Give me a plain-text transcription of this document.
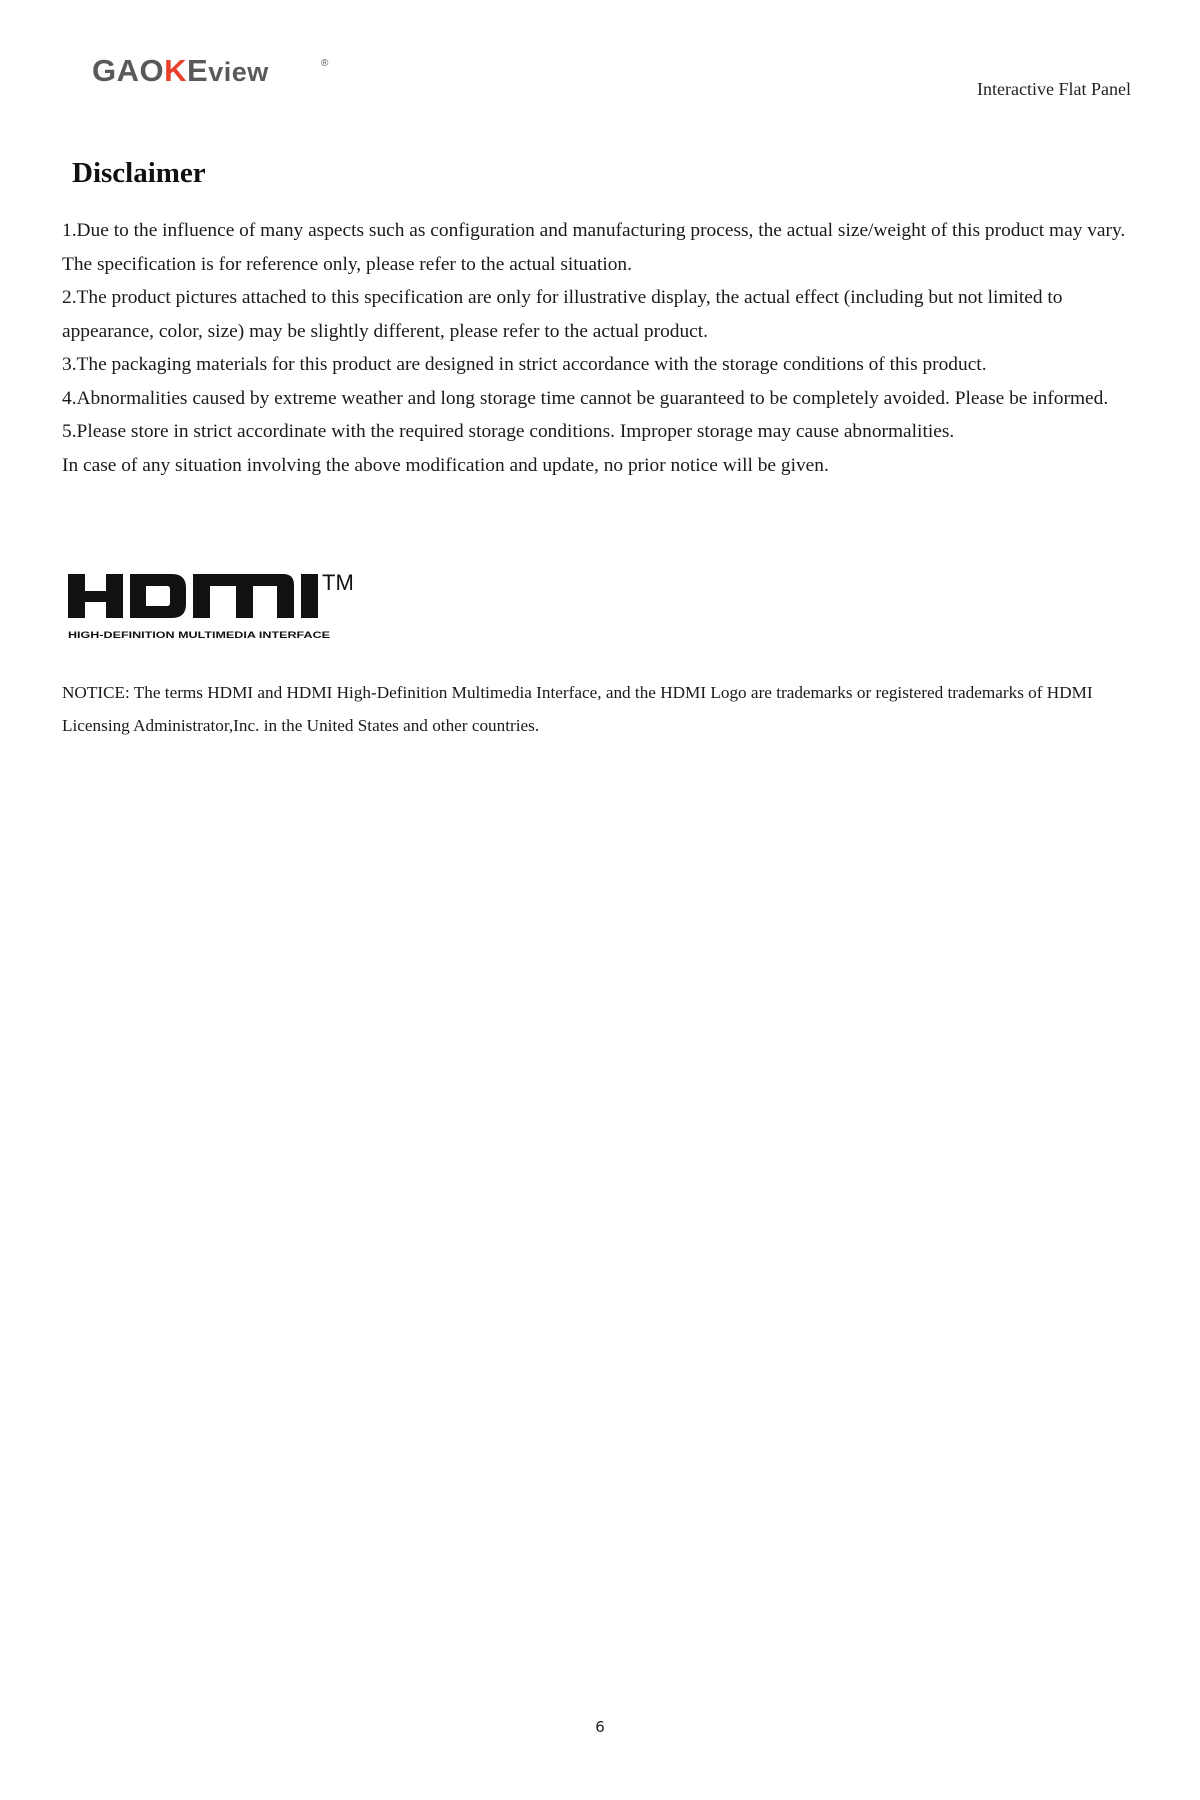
GAOKEview	®
Interactive Flat Panel
Disclaimer

1.Due to the influence of many aspects such as configuration and manufacturing process, the actual size/weight of this product may vary. The specification is for reference only, please refer to the actual situation.

2.The product pictures attached to this specification are only for illustrative display, the actual effect (including but not limited to appearance, color, size) may be slightly different, please refer to the actual product.

3.The packaging materials for this product are designed in strict accordance with the storage conditions of this product.

4.Abnormalities caused by extreme weather and long storage time cannot be guaranteed to be completely avoided. Please be informed.

5.Please store in strict accordinate with the required storage conditions. Improper storage may cause abnormalities.

In case of any situation involving the above modification and update, no prior notice will be given.

TM
HIGH-DEFINITION MULTIMEDIA INTERFACE

NOTICE: The terms HDMI and HDMI High-Definition Multimedia Interface, and the HDMI Logo are trademarks or registered trademarks of HDMI Licensing Administrator,Inc. in the United States and other countries.

6
